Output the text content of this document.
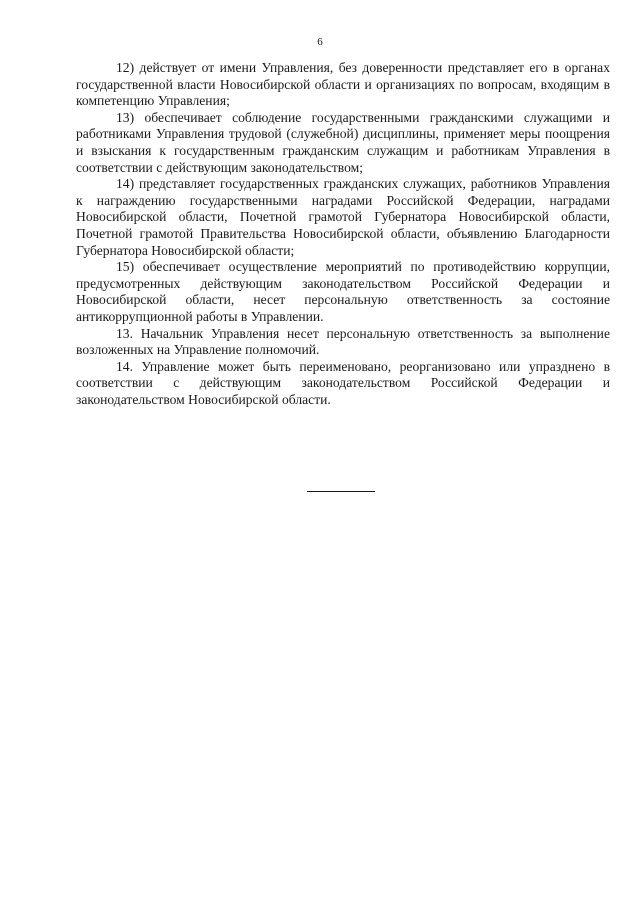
6

12) действует от имени Управления, без доверенности представляет его в органах государственной власти Новосибирской области и организациях по вопросам, входящим в компетенцию Управления;

13) обеспечивает соблюдение государственными гражданскими служащими и работниками Управления трудовой (служебной) дисциплины, применяет меры поощрения и взыскания к государственным гражданским служащим и работникам Управления в соответствии с действующим законодательством;

14) представляет государственных гражданских служащих, работников Управления к награждению государственными наградами Российской Федерации, наградами Новосибирской области, Почетной грамотой Губернатора Новосибирской области, Почетной грамотой Правительства Новосибирской области, объявлению Благодарности Губернатора Новосибирской области;

15) обеспечивает осуществление мероприятий по противодействию коррупции, предусмотренных действующим законодательством Российской Федерации и Новосибирской области, несет персональную ответственность за состояние антикоррупционной работы в Управлении.

13. Начальник Управления несет персональную ответственность за выполнение возложенных на Управление полномочий.

14. Управление может быть переименовано, реорганизовано или упразднено в соответствии с действующим законодательством Российской Федерации и законодательством Новосибирской области.
